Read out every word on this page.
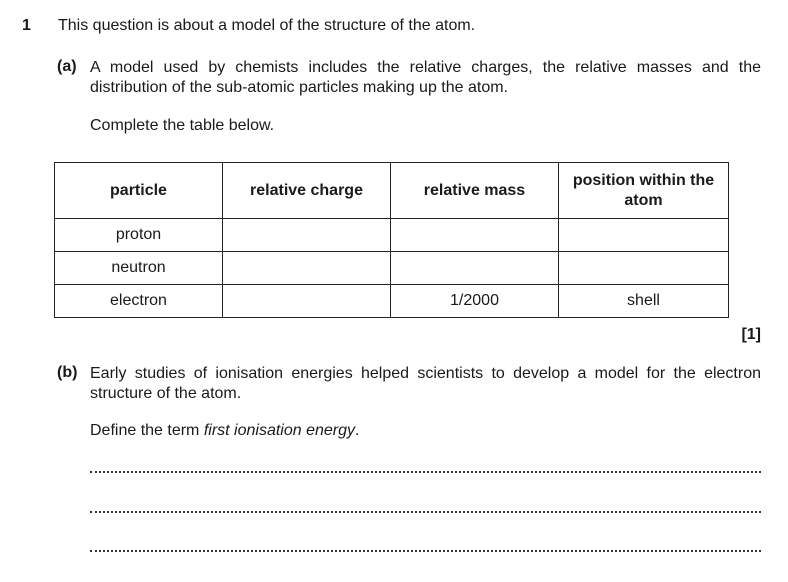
1 This question is about a model of the structure of the atom.
(a) A model used by chemists includes the relative charges, the relative masses and the distribution of the sub-atomic particles making up the atom.
Complete the table below.
particle	relative charge	relative mass	position within the atom
proton			
neutron			
electron		1/2000	shell
[1]
(b) Early studies of ionisation energies helped scientists to develop a model for the electron structure of the atom.
Define the term first ionisation energy.
